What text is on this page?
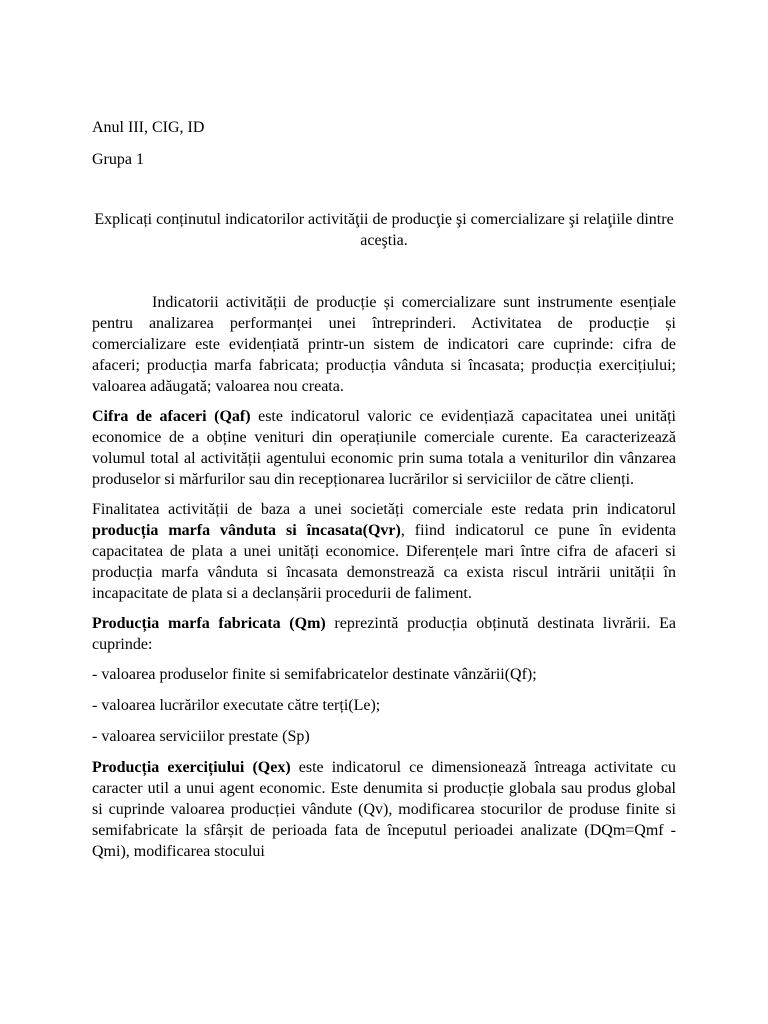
Anul III, CIG, ID

Grupa 1

Explicați conținutul indicatorilor activităţii de producţie şi comercializare şi relaţiile dintre aceştia.

Indicatorii activității de producție și comercializare sunt instrumente esențiale pentru analizarea performanței unei întreprinderi. Activitatea de producție și comercializare este evidențiată printr-un sistem de indicatori care cuprinde: cifra de afaceri; producția marfa fabricata; producția vânduta si încasata; producția exercițiului; valoarea adăugată; valoarea nou creata.

Cifra de afaceri (Qaf) este indicatorul valoric ce evidențiază capacitatea unei unități economice de a obține venituri din operațiunile comerciale curente. Ea caracterizează volumul total al activității agentului economic prin suma totala a veniturilor din vânzarea produselor si mărfurilor sau din recepționarea lucrărilor si serviciilor de către clienți.

Finalitatea activității de baza a unei societăți comerciale este redata prin indicatorul producția marfa vânduta si încasata(Qvr), fiind indicatorul ce pune în evidenta capacitatea de plata a unei unități economice. Diferențele mari între cifra de afaceri si producția marfa vânduta si încasata demonstrează ca exista riscul intrării unității în incapacitate de plata si a declanșării procedurii de faliment.

Producția marfa fabricata (Qm) reprezintă producția obținută destinata livrării. Ea cuprinde:

- valoarea produselor finite si semifabricatelor destinate vânzării(Qf);

- valoarea lucrărilor executate către terți(Le);

- valoarea serviciilor prestate (Sp)

Producția exercițiului (Qex) este indicatorul ce dimensionează întreaga activitate cu caracter util a unui agent economic. Este denumita si producție globala sau produs global si cuprinde valoarea producției vândute (Qv), modificarea stocurilor de produse finite si semifabricate la sfârșit de perioada fata de începutul perioadei analizate (DQm=Qmf - Qmi), modificarea stocului
